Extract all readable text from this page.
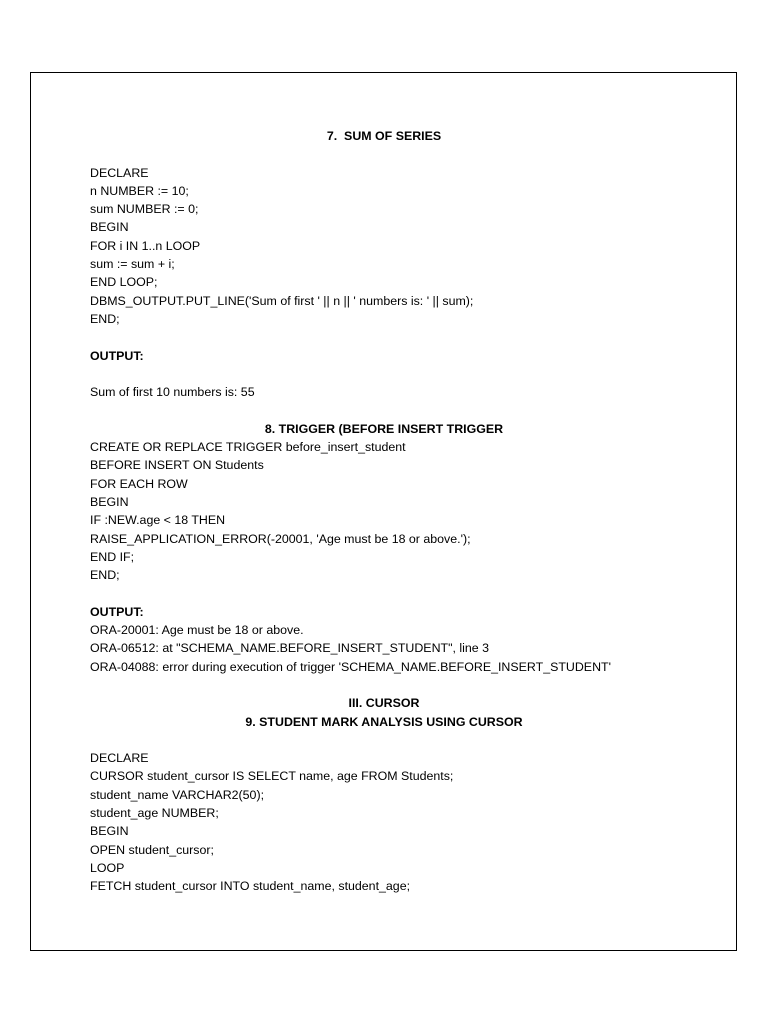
7.  SUM OF SERIES
DECLARE
n NUMBER := 10;
sum NUMBER := 0;
BEGIN
FOR i IN 1..n LOOP
sum := sum + i;
END LOOP;
DBMS_OUTPUT.PUT_LINE('Sum of first ' || n || ' numbers is: ' || sum);
END;
OUTPUT:
Sum of first 10 numbers is: 55
8. TRIGGER (BEFORE INSERT TRIGGER
CREATE OR REPLACE TRIGGER before_insert_student
BEFORE INSERT ON Students
FOR EACH ROW
BEGIN
IF :NEW.age < 18 THEN
RAISE_APPLICATION_ERROR(-20001, 'Age must be 18 or above.');
END IF;
END;
OUTPUT:
ORA-20001: Age must be 18 or above.
ORA-06512: at "SCHEMA_NAME.BEFORE_INSERT_STUDENT", line 3
ORA-04088: error during execution of trigger 'SCHEMA_NAME.BEFORE_INSERT_STUDENT'
III. CURSOR
9. STUDENT MARK ANALYSIS USING CURSOR
DECLARE
CURSOR student_cursor IS SELECT name, age FROM Students;
student_name VARCHAR2(50);
student_age NUMBER;
BEGIN
OPEN student_cursor;
LOOP
FETCH student_cursor INTO student_name, student_age;
